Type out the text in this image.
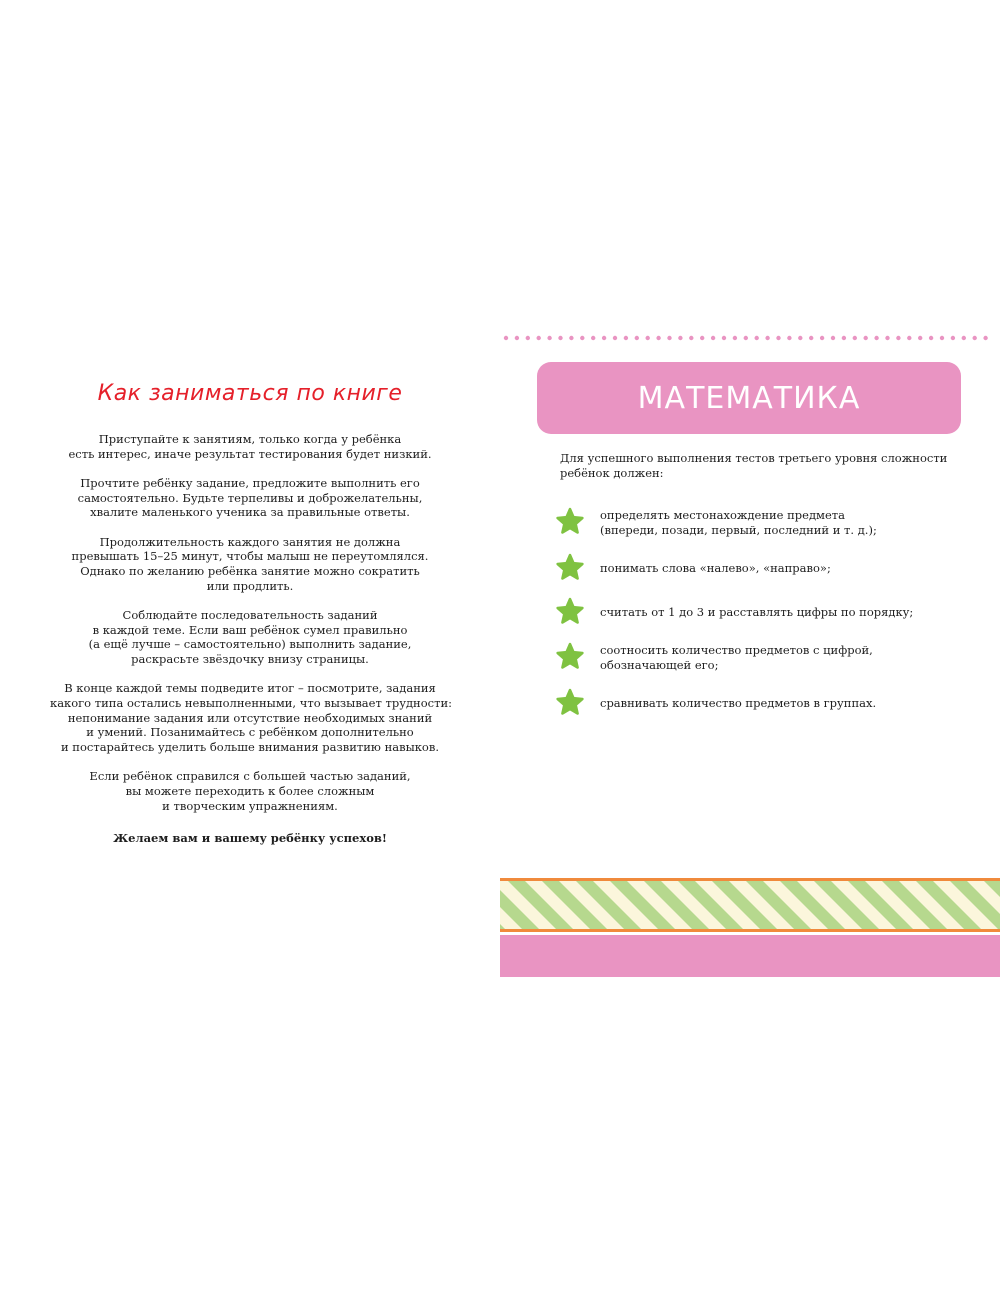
Как заниматься по книге

Приступайте к занятиям, только когда у ребёнка
есть интерес, иначе результат тестирования будет низкий.

Прочтите ребёнку задание, предложите выполнить его
самостоятельно. Будьте терпеливы и доброжелательны,
хвалите маленького ученика за правильные ответы.

Продолжительность каждого занятия не должна
превышать 15–25 минут, чтобы малыш не переутомлялся.
Однако по желанию ребёнка занятие можно сократить
или продлить.

Соблюдайте последовательность заданий
в каждой теме. Если ваш ребёнок сумел правильно
(а ещё лучше – самостоятельно) выполнить задание,
раскрасьте звёздочку внизу страницы.

В конце каждой темы подведите итог – посмотрите, задания
какого типа остались невыполненными, что вызывает трудности:
непонимание задания или отсутствие необходимых знаний
и умений. Позанимайтесь с ребёнком дополнительно
и постарайтесь уделить больше внимания развитию навыков.

Если ребёнок справился с большей частью заданий,
вы можете переходить к более сложным
и творческим упражнениям.

Желаем вам и вашему ребёнку успехов!
МАТЕМАТИКА
Для успешного выполнения тестов третьего уровня сложности
ребёнок должен:
определять местонахождение предмета
(впереди, позади, первый, последний и т. д.);
понимать слова «налево», «направо»;
считать от 1 до 3 и расставлять цифры по порядку;
соотносить количество предметов с цифрой,
обозначающей его;
сравнивать количество предметов в группах.
